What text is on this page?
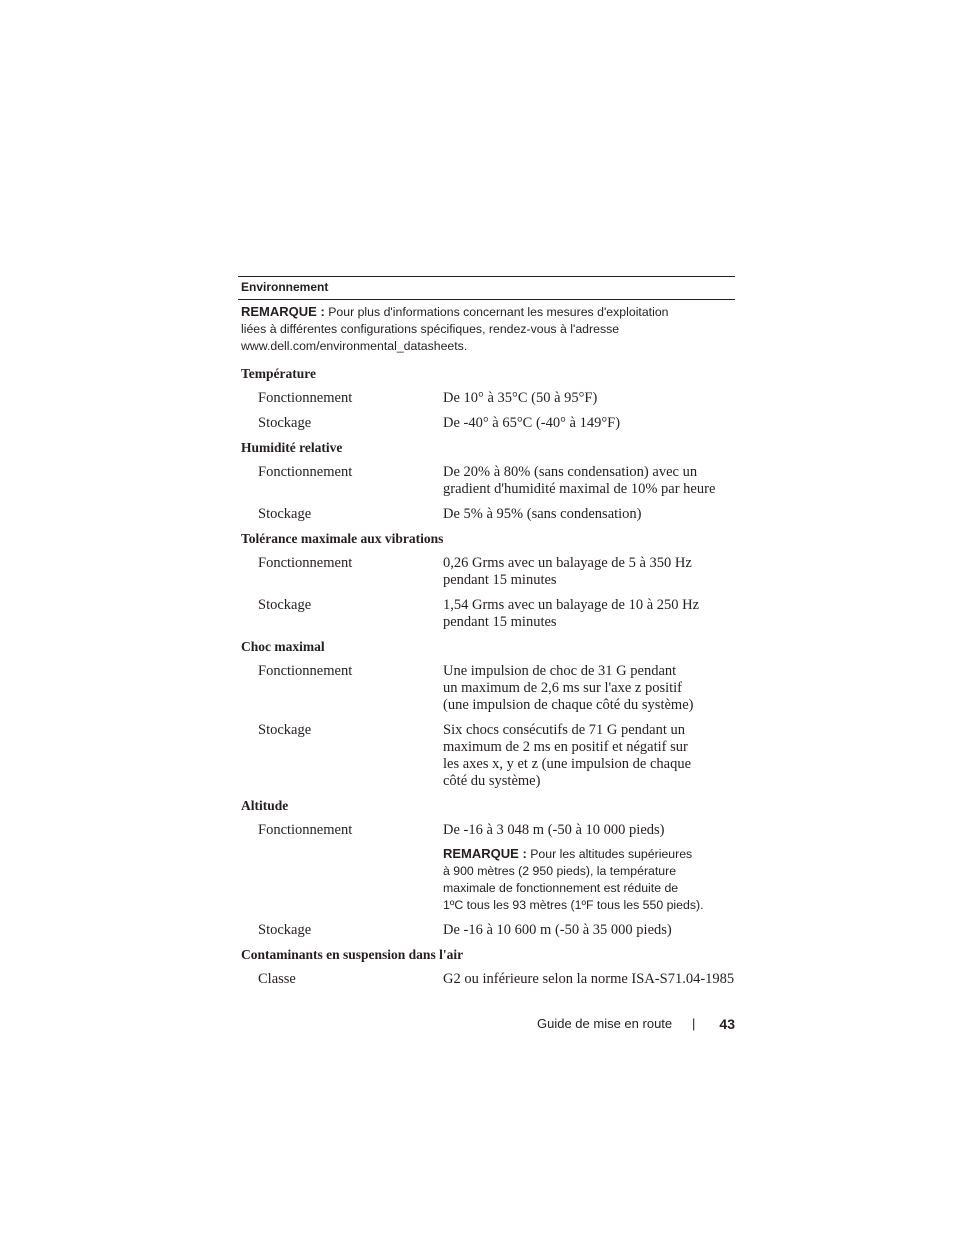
Environnement
REMARQUE : Pour plus d'informations concernant les mesures d'exploitation
liées à différentes configurations spécifiques, rendez-vous à l'adresse
www.dell.com/environmental_datasheets.
Température
Fonctionnement	De 10° à 35°C (50 à 95°F)
Stockage	De -40° à 65°C (-40° à 149°F)
Humidité relative
Fonctionnement	De 20% à 80% (sans condensation) avec un
gradient d'humidité maximal de 10% par heure
Stockage	De 5% à 95% (sans condensation)
Tolérance maximale aux vibrations
Fonctionnement	0,26 Grms avec un balayage de 5 à 350 Hz
pendant 15 minutes
Stockage	1,54 Grms avec un balayage de 10 à 250 Hz
pendant 15 minutes
Choc maximal
Fonctionnement	Une impulsion de choc de 31 G pendant
un maximum de 2,6 ms sur l'axe z positif
(une impulsion de chaque côté du système)
Stockage	Six chocs consécutifs de 71 G pendant un
maximum de 2 ms en positif et négatif sur
les axes x, y et z (une impulsion de chaque
côté du système)
Altitude
Fonctionnement	De -16 à 3 048 m (-50 à 10 000 pieds)
REMARQUE : Pour les altitudes supérieures
à 900 mètres (2 950 pieds), la température
maximale de fonctionnement est réduite de
1ºC tous les 93 mètres (1ºF tous les 550 pieds).
Stockage	De -16 à 10 600 m (-50 à 35 000 pieds)
Contaminants en suspension dans l'air
Classe	G2 ou inférieure selon la norme ISA-S71.04-1985
Guide de mise en route | 43
